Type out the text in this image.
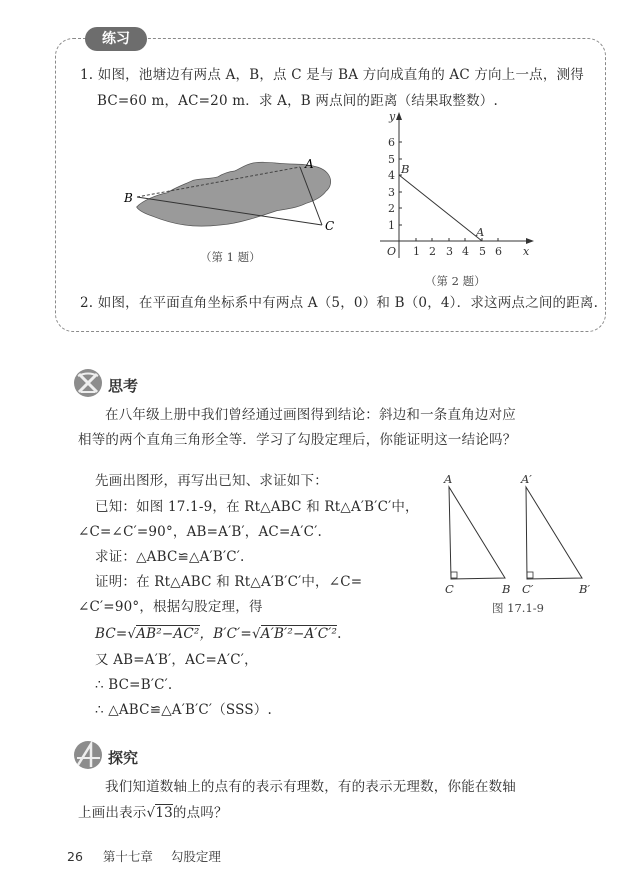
练习
1. 如图，池塘边有两点 A，B，点 C 是与 BA 方向成直角的 AC 方向上一点，测得
BC=60 m，AC=20 m．求 A，B 两点间的距离（结果取整数）.
B
A
C
（第 1 题）	1 2 3 4 5 6
1
2
3
4
5
6
O	x
y
B
A
（第 2 题）
2. 如图，在平面直角坐标系中有两点 A（5，0）和 B（0，4）．求这两点之间的距离.
思考
在八年级上册中我们曾经通过画图得到结论：斜边和一条直角边对应
相等的两个直角三角形全等．学习了勾股定理后，你能证明这一结论吗？
先画出图形，再写出已知、求证如下：
已知：如图 17.1-9，在 Rt△ABC 和 Rt△A′B′C′中，
∠C=∠C′=90°，AB=A′B′，AC=A′C′.
求证：△ABC≌△A′B′C′.
证明：在 Rt△ABC 和 Rt△A′B′C′中，∠C=
∠C′=90°，根据勾股定理，得
BC=√AB²−AC²，B′C′=√A′B′²−A′C′².
又 AB=A′B′，AC=A′C′，
∴ BC=B′C′.
∴ △ABC≌△A′B′C′（SSS）.
A
C	B
A′
C′	B′
图 17.1-9
探究
我们知道数轴上的点有的表示有理数，有的表示无理数，你能在数轴
上画出表示√13的点吗？
26 第十七章 勾股定理
